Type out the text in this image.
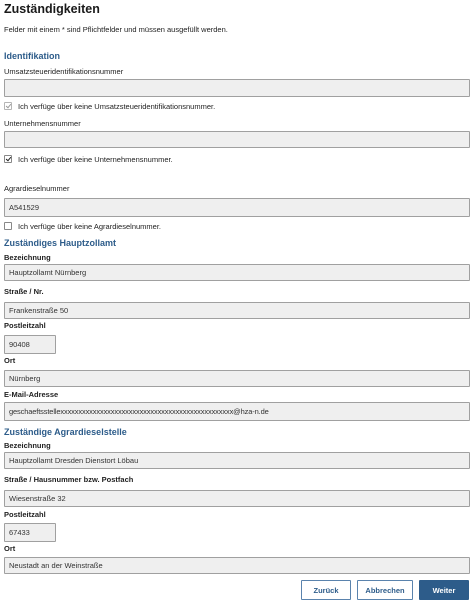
Zuständigkeiten
Felder mit einem * sind Pflichtfelder und müssen ausgefüllt werden.
Identifikation
Umsatzsteueridentifikationsnummer
Ich verfüge über keine Umsatzsteueridentifikationsnummer.
Unternehmensnummer
Ich verfüge über keine Unternehmensnummer.
Agrardieselnummer
A541529
Ich verfüge über keine Agrardieselnummer.
Zuständiges Hauptzollamt
Bezeichnung
Hauptzollamt Nürnberg
Straße / Nr.
Frankenstraße 50
Postleitzahl
90408
Ort
Nürnberg
E-Mail-Adresse
geschaeftsstellexxxxxxxxxxxxxxxxxxxxxxxxxxxxxxxxxxxxxxxxxxxxxxxx@hza-n.de
Zuständige Agrardieselstelle
Bezeichnung
Hauptzollamt Dresden Dienstort Löbau
Straße / Hausnummer bzw. Postfach
Wiesenstraße 32
Postleitzahl
67433
Ort
Neustadt an der Weinstraße
Zurück	Abbrechen	Weiter
